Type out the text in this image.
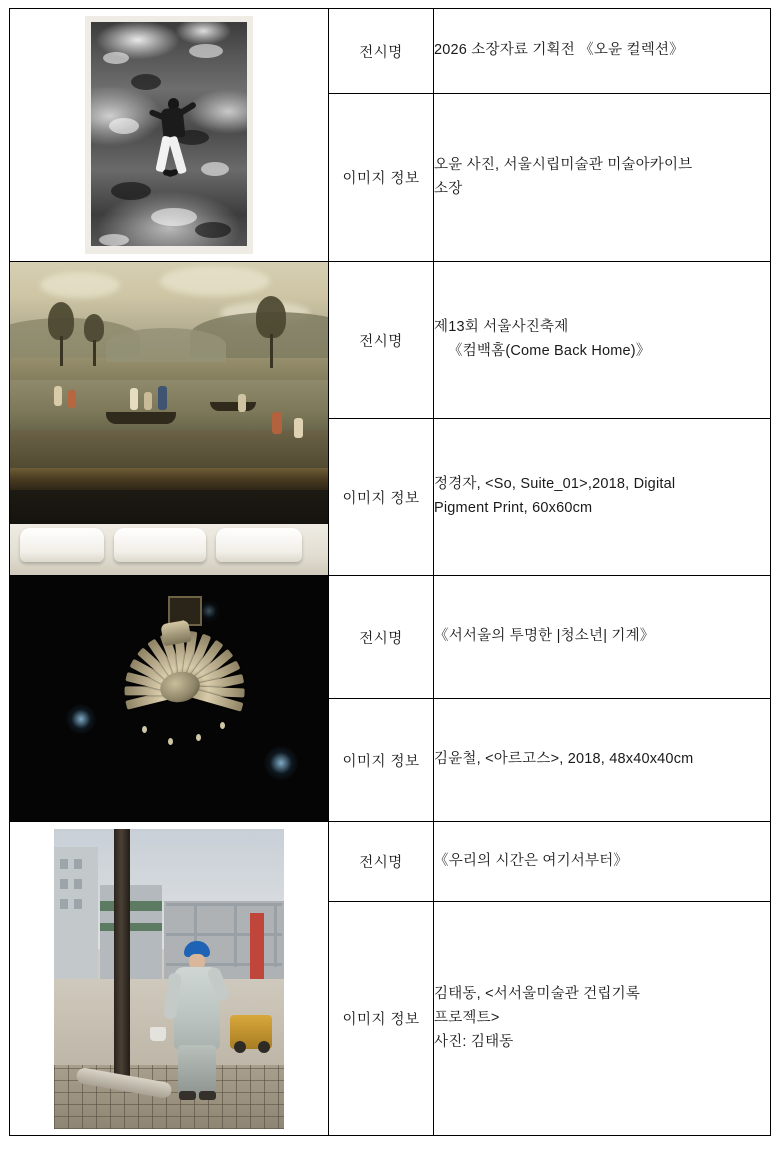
	전시명	2026 소장자료 기획전 《오윤 컬렉션》
	이미지 정보	오윤 사진, 서울시립미술관 미술아카이브
소장

	전시명	제13회 서울사진축제
《컴백홈(Come Back Home)》

	이미지 정보	정경자, <So, Suite_01>,2018, Digital
Pigment Print, 60x60cm

	전시명	《서서울의 투명한 |청소년| 기계》
	이미지 정보	김윤철, <아르고스>, 2018, 48x40x40cm

	전시명	《우리의 시간은 여기서부터》
	이미지 정보	김태동, <서서울미술관 건립기록
프로젝트>
사진: 김태동
